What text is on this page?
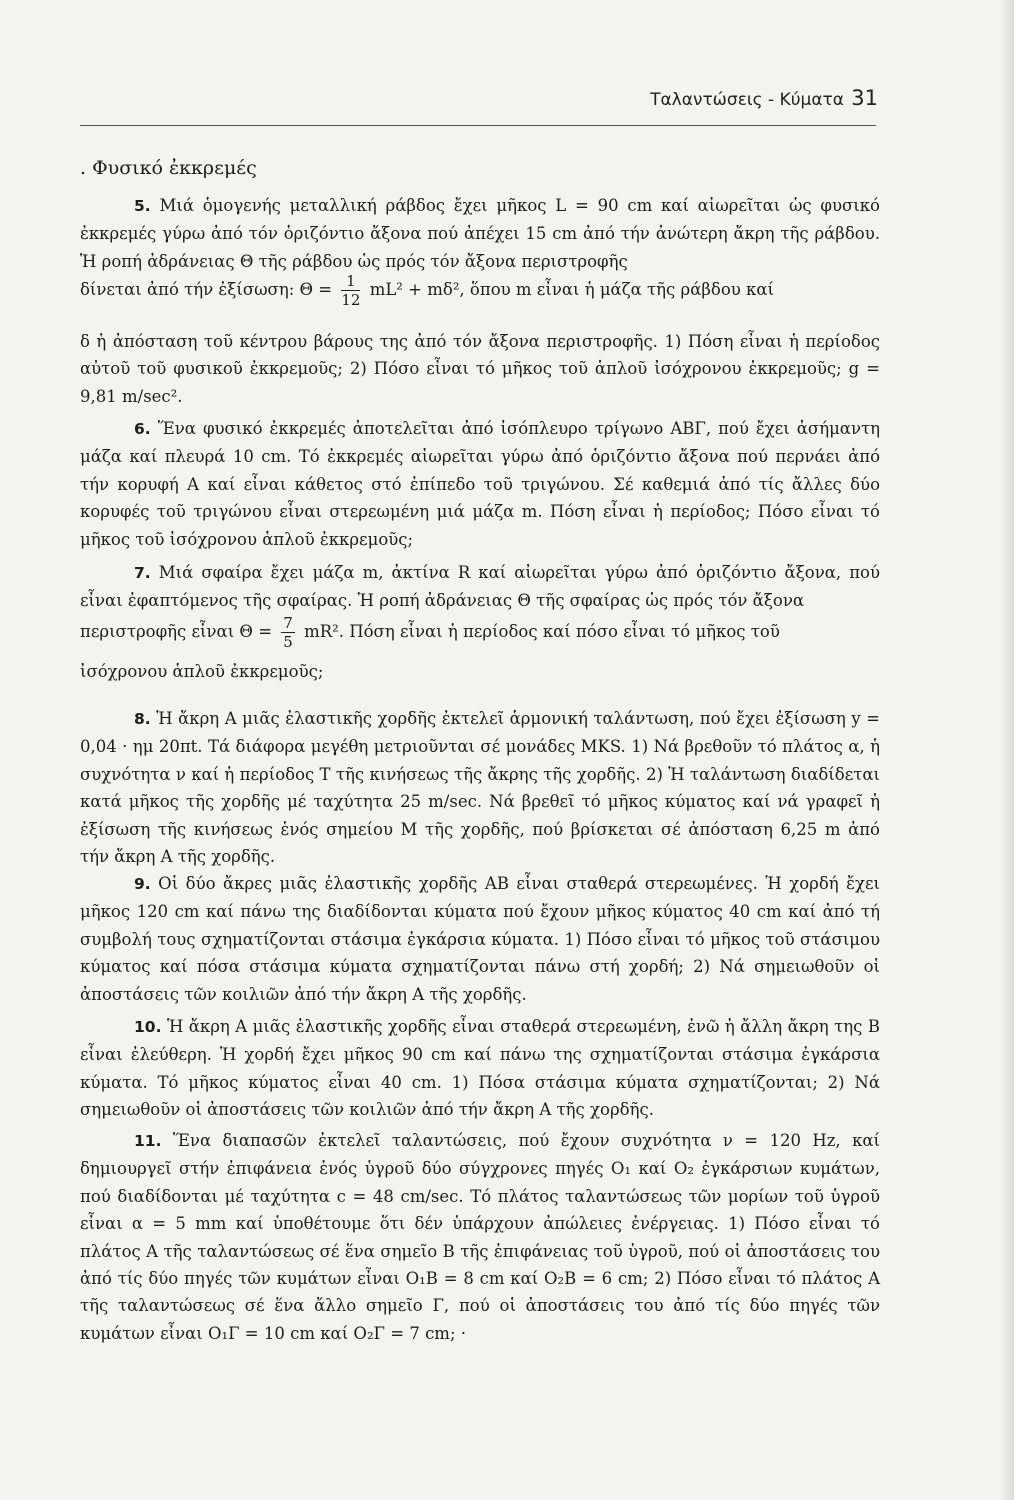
Ταλαντώσεις - Κύματα 31
. Φυσικό ἐκκρεμές

5. Μιά ὁμογενής μεταλλική ράβδος ἔχει μῆκος L = 90 cm καί αἰωρεῖται ὡς φυσικό ἐκκρεμές γύρω ἀπό τόν ὁριζόντιο ἄξονα πού ἀπέχει 15 cm ἀπό τήν ἀνώτερη ἄκρη τῆς ράβδου. Ἡ ροπή ἀδράνειας Θ τῆς ράβδου ὡς πρός τόν ἄξονα περιστροφῆς

δίνεται ἀπό τήν ἐξίσωση: $\Theta = \frac{1}{12} mL^2 + m\delta^2$, ὅπου m εἶναι ἡ μάζα τῆς ράβδου καί

δ ἡ ἀπόσταση τοῦ κέντρου βάρους της ἀπό τόν ἄξονα περιστροφῆς. 1) Πόση εἶναι ἡ περίοδος αὐτοῦ τοῦ φυσικοῦ ἐκκρεμοῦς; 2) Πόσο εἶναι τό μῆκος τοῦ ἁπλοῦ ἰσόχρονου ἐκκρεμοῦς; g = 9,81 m/sec².

6. Ἕνα φυσικό ἐκκρεμές ἀποτελεῖται ἀπό ἰσόπλευρο τρίγωνο ΑΒΓ, πού ἔχει ἀσήμαντη μάζα καί πλευρά 10 cm. Τό ἐκκρεμές αἰωρεῖται γύρω ἀπό ὁριζόντιο ἄξονα πού περνάει ἀπό τήν κορυφή Α καί εἶναι κάθετος στό ἐπίπεδο τοῦ τριγώνου. Σέ καθεμιά ἀπό τίς ἄλλες δύο κορυφές τοῦ τριγώνου εἶναι στερεωμένη μιά μάζα m. Πόση εἶναι ἡ περίοδος; Πόσο εἶναι τό μῆκος τοῦ ἰσόχρονου ἁπλοῦ ἐκκρεμοῦς;

7. Μιά σφαίρα ἔχει μάζα m, ἀκτίνα R καί αἰωρεῖται γύρω ἀπό ὁριζόντιο ἄξονα, πού εἶναι ἐφαπτόμενος τῆς σφαίρας. Ἡ ροπή ἀδράνειας Θ τῆς σφαίρας ὡς πρός τόν ἄξονα

περιστροφῆς εἶναι $\Theta = \frac{7}{5} mR^2$. Πόση εἶναι ἡ περίοδος καί πόσο εἶναι τό μῆκος τοῦ

ἰσόχρονου ἁπλοῦ ἐκκρεμοῦς;

8. Ἡ ἄκρη Α μιᾶς ἐλαστικῆς χορδῆς ἐκτελεῖ ἁρμονική ταλάντωση, πού ἔχει ἐξίσωση y = 0,04 · ημ 20πt. Τά διάφορα μεγέθη μετριοῦνται σέ μονάδες MKS. 1) Νά βρεθοῦν τό πλάτος α, ἡ συχνότητα ν καί ἡ περίοδος Τ τῆς κινήσεως τῆς ἄκρης τῆς χορδῆς. 2) Ἡ ταλάντωση διαδίδεται κατά μῆκος τῆς χορδῆς μέ ταχύτητα 25 m/sec. Νά βρεθεῖ τό μῆκος κύματος καί νά γραφεῖ ἡ ἐξίσωση τῆς κινήσεως ἑνός σημείου Μ τῆς χορδῆς, πού βρίσκεται σέ ἀπόσταση 6,25 m ἀπό τήν ἄκρη Α τῆς χορδῆς.

9. Οἱ δύο ἄκρες μιᾶς ἐλαστικῆς χορδῆς ΑΒ εἶναι σταθερά στερεωμένες. Ἡ χορδή ἔχει μῆκος 120 cm καί πάνω της διαδίδονται κύματα πού ἔχουν μῆκος κύματος 40 cm καί ἀπό τή συμβολή τους σχηματίζονται στάσιμα ἐγκάρσια κύματα. 1) Πόσο εἶναι τό μῆκος τοῦ στάσιμου κύματος καί πόσα στάσιμα κύματα σχηματίζονται πάνω στή χορδή; 2) Νά σημειωθοῦν οἱ ἀποστάσεις τῶν κοιλιῶν ἀπό τήν ἄκρη Α τῆς χορδῆς.

10. Ἡ ἄκρη Α μιᾶς ἐλαστικῆς χορδῆς εἶναι σταθερά στερεωμένη, ἐνῶ ἡ ἄλλη ἄκρη της Β εἶναι ἐλεύθερη. Ἡ χορδή ἔχει μῆκος 90 cm καί πάνω της σχηματίζονται στάσιμα ἐγκάρσια κύματα. Τό μῆκος κύματος εἶναι 40 cm. 1) Πόσα στάσιμα κύματα σχηματίζονται; 2) Νά σημειωθοῦν οἱ ἀποστάσεις τῶν κοιλιῶν ἀπό τήν ἄκρη Α τῆς χορδῆς.

11. Ἕνα διαπασῶν ἐκτελεῖ ταλαντώσεις, πού ἔχουν συχνότητα ν = 120 Hz, καί δημιουργεῖ στήν ἐπιφάνεια ἑνός ὑγροῦ δύο σύγχρονες πηγές O₁ καί O₂ ἐγκάρσιων κυμάτων, πού διαδίδονται μέ ταχύτητα c = 48 cm/sec. Τό πλάτος ταλαντώσεως τῶν μορίων τοῦ ὑγροῦ εἶναι α = 5 mm καί ὑποθέτουμε ὅτι δέν ὑπάρχουν ἀπώλειες ἐνέργειας. 1) Πόσο εἶναι τό πλάτος Α τῆς ταλαντώσεως σέ ἕνα σημεῖο Β τῆς ἐπιφάνειας τοῦ ὑγροῦ, πού οἱ ἀποστάσεις του ἀπό τίς δύο πηγές τῶν κυμάτων εἶναι O₁B = 8 cm καί O₂B = 6 cm; 2) Πόσο εἶναι τό πλάτος Α τῆς ταλαντώσεως σέ ἕνα ἄλλο σημεῖο Γ, πού οἱ ἀποστάσεις του ἀπό τίς δύο πηγές τῶν κυμάτων εἶναι O₁Γ = 10 cm καί O₂Γ = 7 cm; ·
